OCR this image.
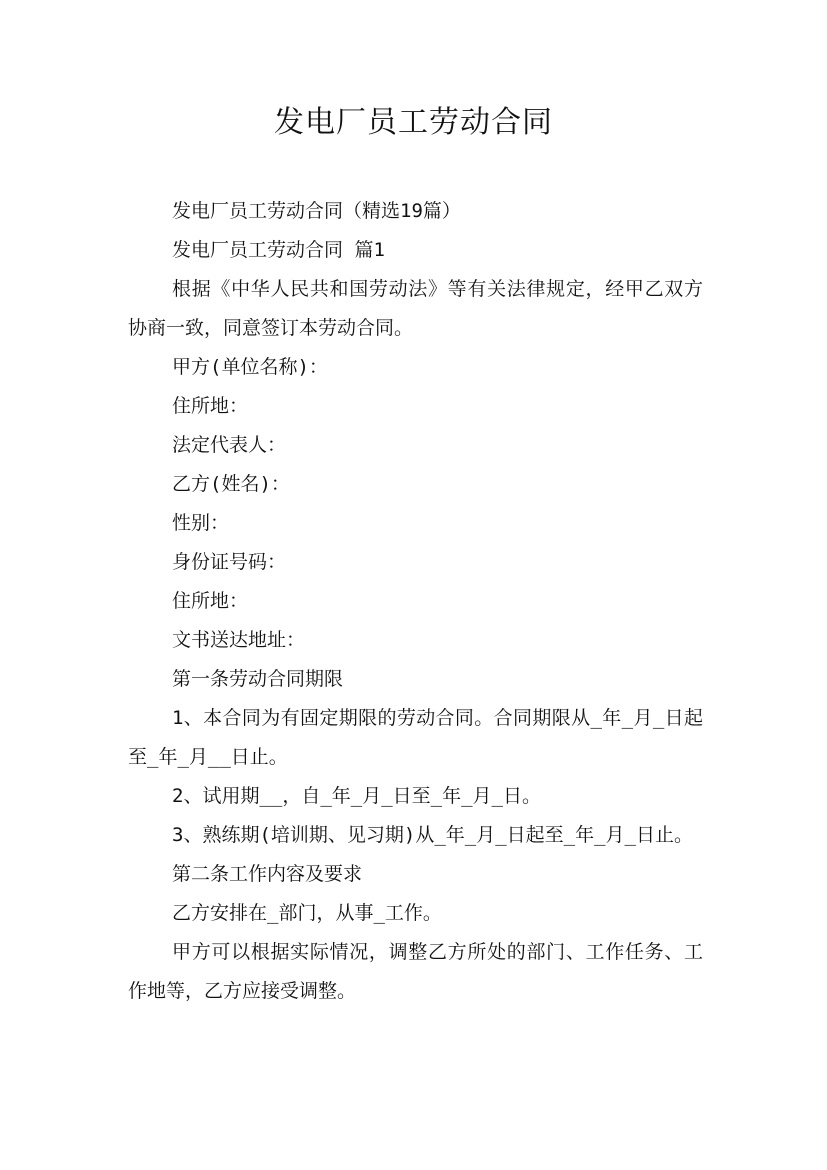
发电厂员工劳动合同

发电厂员工劳动合同（精选19篇）

发电厂员工劳动合同 篇1

根据《中华人民共和国劳动法》等有关法律规定，经甲乙双方协商一致，同意签订本劳动合同。

甲方(单位名称)：

住所地：

法定代表人：

乙方(姓名)：

性别：

身份证号码：

住所地：

文书送达地址：

第一条劳动合同期限

1、本合同为有固定期限的劳动合同。合同期限从_年_月_日起至_年_月__日止。

2、试用期__，自_年_月_日至_年_月_日。

3、熟练期(培训期、见习期)从_年_月_日起至_年_月_日止。

第二条工作内容及要求

乙方安排在_部门，从事_工作。

甲方可以根据实际情况，调整乙方所处的部门、工作任务、工作地等，乙方应接受调整。
